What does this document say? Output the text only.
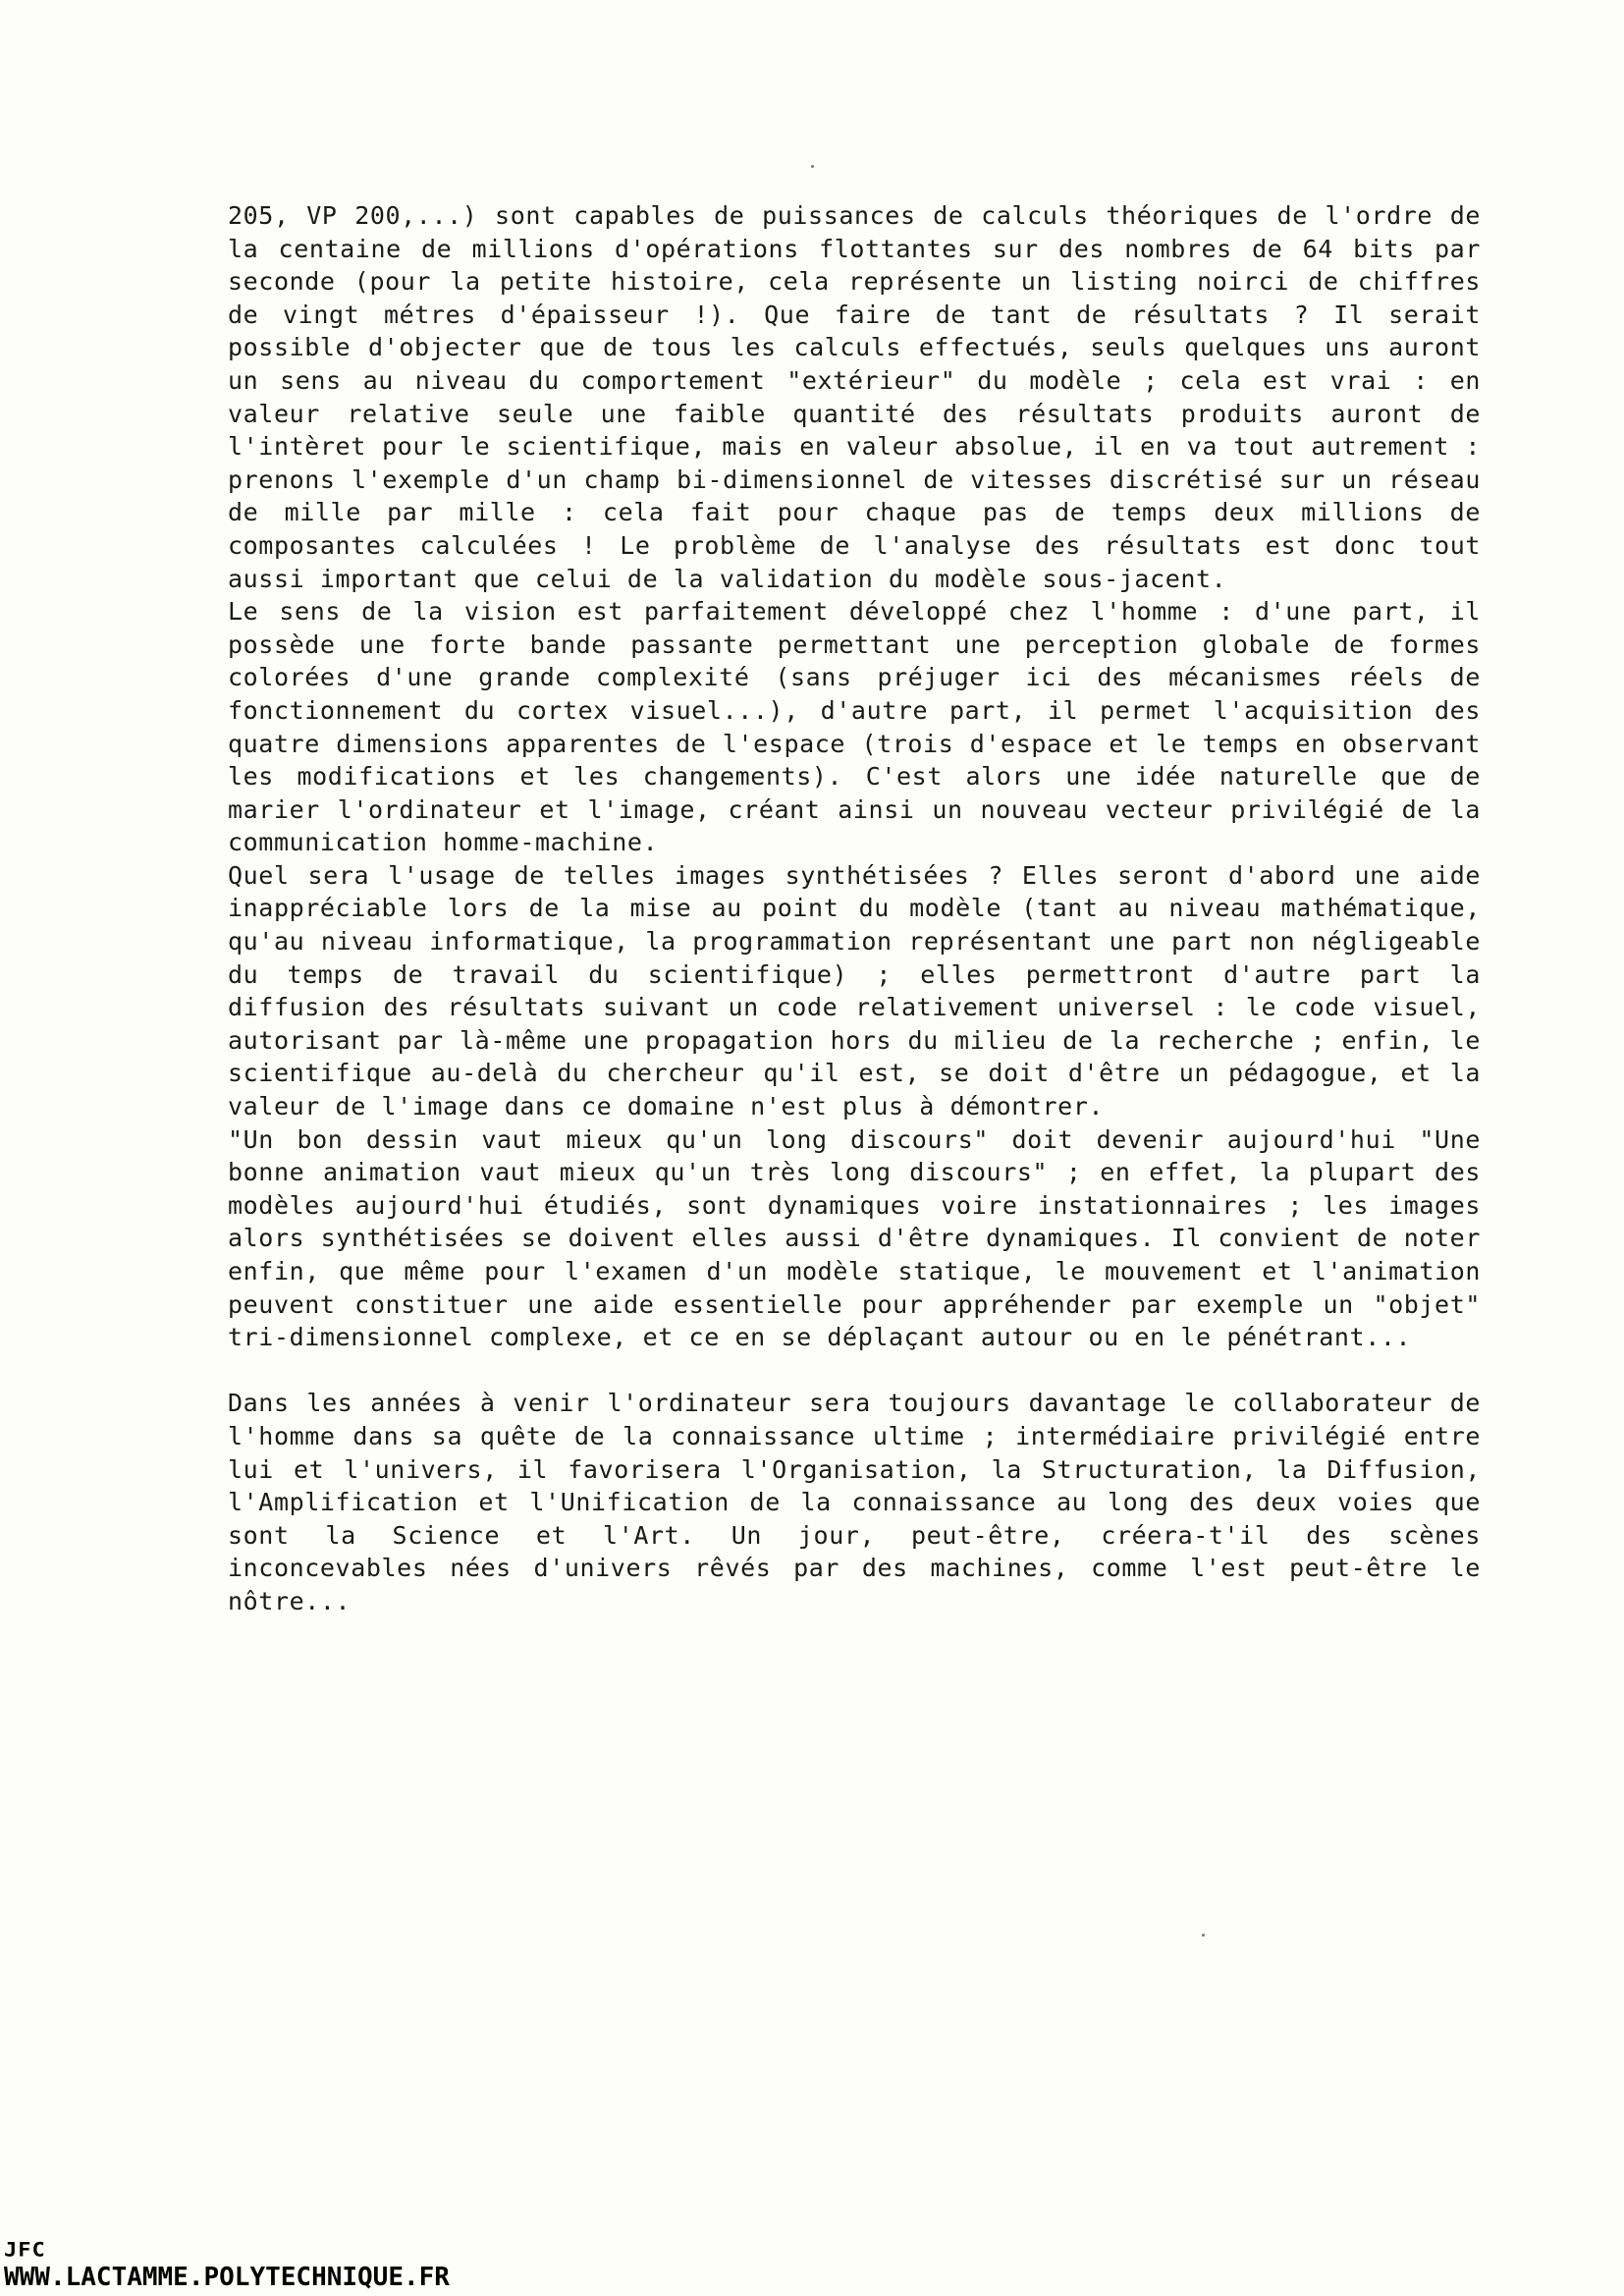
205, VP 200,...) sont capables de puissances de calculs théoriques de l'ordre de la centaine de millions d'opérations flottantes sur des nombres de 64 bits par seconde (pour la petite histoire, cela représente un listing noirci de chiffres de vingt métres d'épaisseur !). Que faire de tant de résultats ? Il serait possible d'objecter que de tous les calculs effectués, seuls quelques uns auront un sens au niveau du comportement "extérieur" du modèle ; cela est vrai : en valeur relative seule une faible quantité des résultats produits auront de l'intèret pour le scientifique, mais en valeur absolue, il en va tout autrement : prenons l'exemple d'un champ bi-dimensionnel de vitesses discrétisé sur un réseau de mille par mille : cela fait pour chaque pas de temps deux millions de composantes calculées ! Le problème de l'analyse des résultats est donc tout aussi important que celui de la validation du modèle sous-jacent.

Le sens de la vision est parfaitement développé chez l'homme : d'une part, il possède une forte bande passante permettant une perception globale de formes colorées d'une grande complexité (sans préjuger ici des mécanismes réels de fonctionnement du cortex visuel...), d'autre part, il permet l'acquisition des quatre dimensions apparentes de l'espace (trois d'espace et le temps en observant les modifications et les changements). C'est alors une idée naturelle que de marier l'ordinateur et l'image, créant ainsi un nouveau vecteur privilégié de la communication homme-machine.

Quel sera l'usage de telles images synthétisées ? Elles seront d'abord une aide inappréciable lors de la mise au point du modèle (tant au niveau mathématique, qu'au niveau informatique, la programmation représentant une part non négligeable du temps de travail du scientifique) ; elles permettront d'autre part la diffusion des résultats suivant un code relativement universel : le code visuel, autorisant par là-même une propagation hors du milieu de la recherche ; enfin, le scientifique au-delà du chercheur qu'il est, se doit d'être un pédagogue, et la valeur de l'image dans ce domaine n'est plus à démontrer.

"Un bon dessin vaut mieux qu'un long discours" doit devenir aujourd'hui "Une bonne animation vaut mieux qu'un très long discours" ; en effet, la plupart des modèles aujourd'hui étudiés, sont dynamiques voire instationnaires ; les images alors synthétisées se doivent elles aussi d'être dynamiques. Il convient de noter enfin, que même pour l'examen d'un modèle statique, le mouvement et l'animation peuvent constituer une aide essentielle pour appréhender par exemple un "objet" tri-dimensionnel complexe, et ce en se déplaçant autour ou en le pénétrant...

Dans les années à venir l'ordinateur sera toujours davantage le collaborateur de l'homme dans sa quête de la connaissance ultime ; intermédiaire privilégié entre lui et l'univers, il favorisera l'Organisation, la Structuration, la Diffusion, l'Amplification et l'Unification de la connaissance au long des deux voies que sont la Science et l'Art. Un jour, peut-être, créera-t'il des scènes inconcevables nées d'univers rêvés par des machines, comme l'est peut-être le nôtre...

JFC
WWW.LACTAMME.POLYTECHNIQUE.FR
